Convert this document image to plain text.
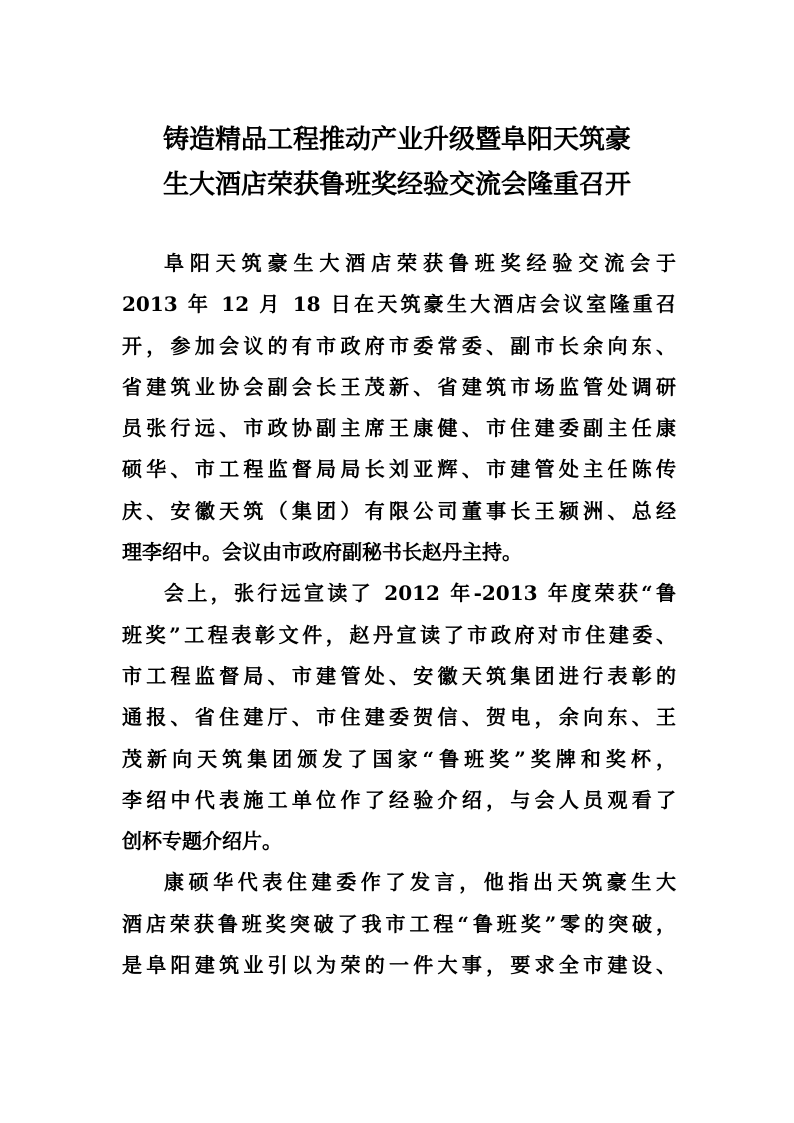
铸造精品工程推动产业升级暨阜阳天筑豪
生大酒店荣获鲁班奖经验交流会隆重召开
阜阳天筑豪生大酒店荣获鲁班奖经验交流会于
2013 年 12 月 18 日在天筑豪生大酒店会议室隆重召
开，参加会议的有市政府市委常委、副市长余向东、
省建筑业协会副会长王茂新、省建筑市场监管处调研
员张行远、市政协副主席王康健、市住建委副主任康
硕华、市工程监督局局长刘亚辉、市建管处主任陈传
庆、安徽天筑（集团）有限公司董事长王颍洲、总经
理李绍中。会议由市政府副秘书长赵丹主持。
会上，张行远宣读了 2012 年-2013 年度荣获“鲁
班奖”工程表彰文件，赵丹宣读了市政府对市住建委、
市工程监督局、市建管处、安徽天筑集团进行表彰的
通报、省住建厅、市住建委贺信、贺电，余向东、王
茂新向天筑集团颁发了国家“鲁班奖”奖牌和奖杯，
李绍中代表施工单位作了经验介绍，与会人员观看了
创杯专题介绍片。
康硕华代表住建委作了发言，他指出天筑豪生大
酒店荣获鲁班奖突破了我市工程“鲁班奖”零的突破，
是阜阳建筑业引以为荣的一件大事，要求全市建设、
